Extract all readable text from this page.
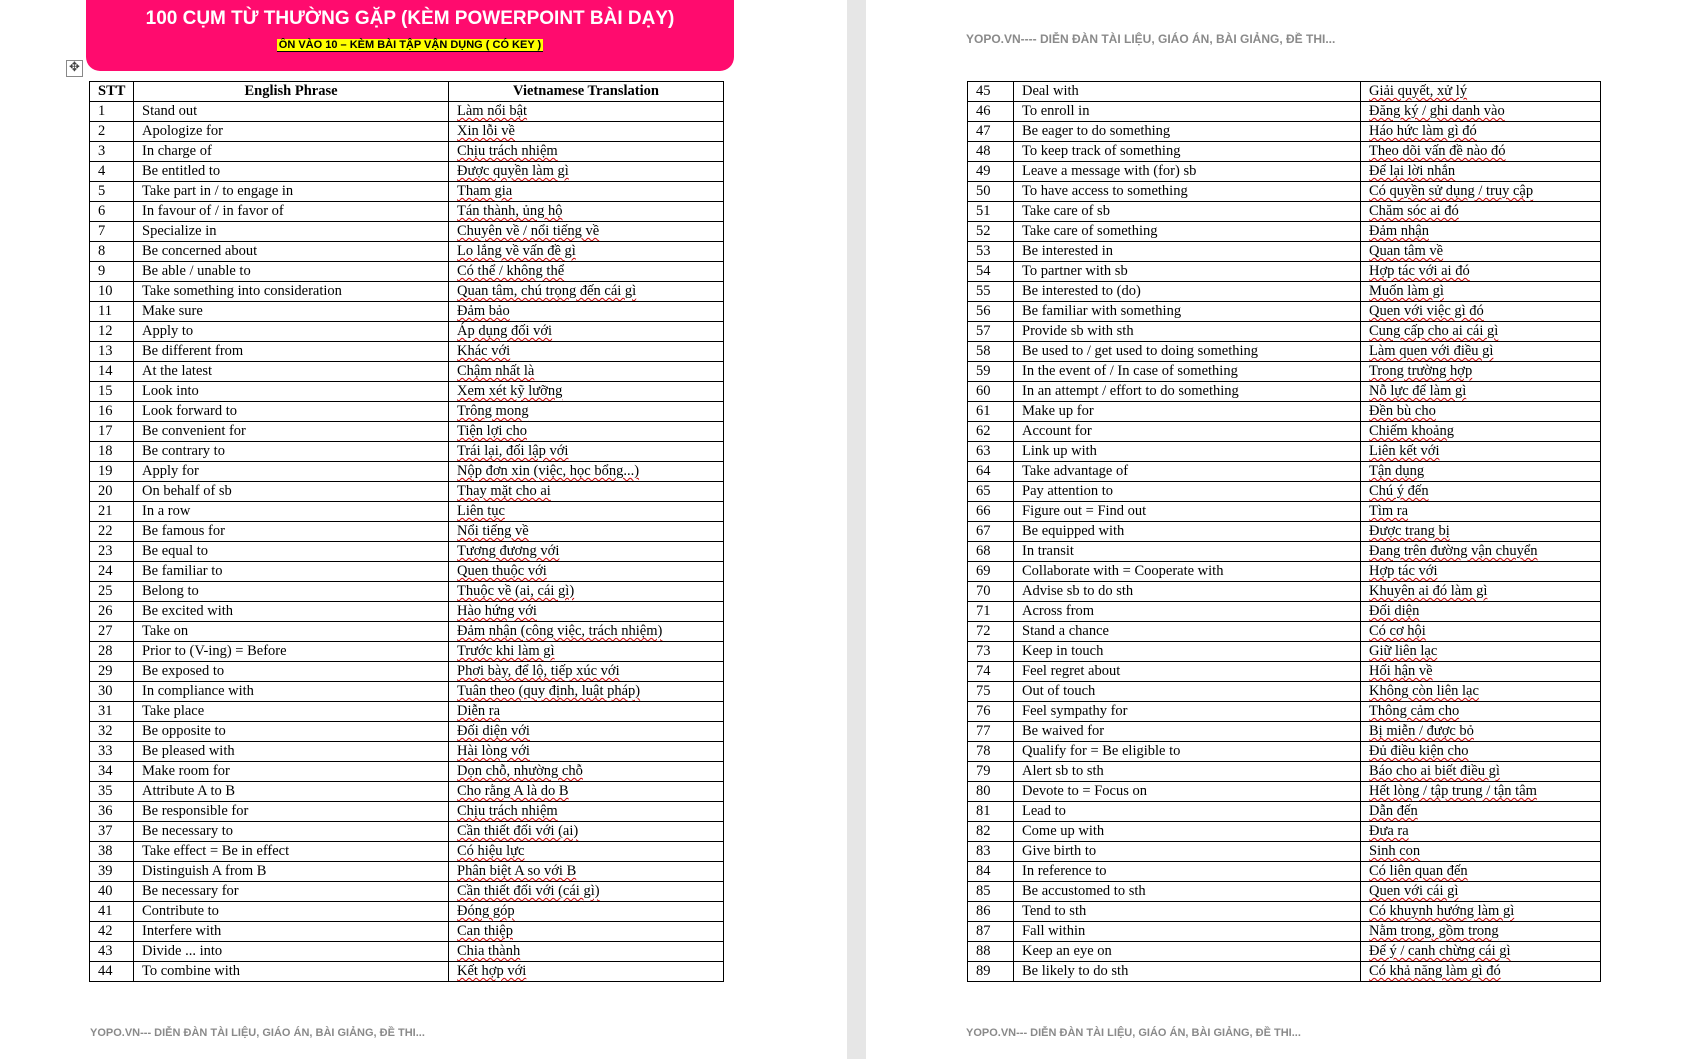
100 CỤM TỪ THƯỜNG GẶP (KÈM POWERPOINT BÀI DẠY)
ÔN VÀO 10 – KÈM BÀI TẬP VẬN DỤNG ( CÓ KEY )
✥
STT	English Phrase	Vietnamese Translation
1	Stand out	Làm nổi bật
2	Apologize for	Xin lỗi về
3	In charge of	Chịu trách nhiệm
4	Be entitled to	Được quyền làm gì
5	Take part in / to engage in	Tham gia
6	In favour of / in favor of	Tán thành, ủng hộ
7	Specialize in	Chuyên về / nổi tiếng về
8	Be concerned about	Lo lắng về vấn đề gì
9	Be able / unable to	Có thể / không thể
10	Take something into consideration	Quan tâm, chú trọng đến cái gì
11	Make sure	Đảm bảo
12	Apply to	Áp dụng đối với
13	Be different from	Khác với
14	At the latest	Chậm nhất là
15	Look into	Xem xét kỹ lưỡng
16	Look forward to	Trông mong
17	Be convenient for	Tiện lợi cho
18	Be contrary to	Trái lại, đối lập với
19	Apply for	Nộp đơn xin (việc, học bổng...)
20	On behalf of sb	Thay mặt cho ai
21	In a row	Liên tục
22	Be famous for	Nổi tiếng về
23	Be equal to	Tương đương với
24	Be familiar to	Quen thuộc với
25	Belong to	Thuộc về (ai, cái gì)
26	Be excited with	Hào hứng với
27	Take on	Đảm nhận (công việc, trách nhiệm)
28	Prior to (V-ing) = Before	Trước khi làm gì
29	Be exposed to	Phơi bày, để lộ, tiếp xúc với
30	In compliance with	Tuân theo (quy định, luật pháp)
31	Take place	Diễn ra
32	Be opposite to	Đối diện với
33	Be pleased with	Hài lòng với
34	Make room for	Dọn chỗ, nhường chỗ
35	Attribute A to B	Cho rằng A là do B
36	Be responsible for	Chịu trách nhiệm
37	Be necessary to	Cần thiết đối với (ai)
38	Take effect = Be in effect	Có hiệu lực
39	Distinguish A from B	Phân biệt A so với B
40	Be necessary for	Cần thiết đối với (cái gì)
41	Contribute to	Đóng góp
42	Interfere with	Can thiệp
43	Divide ... into	Chia thành
44	To combine with	Kết hợp với
YOPO.VN--- DIỄN ĐÀN TÀI LIỆU, GIÁO ÁN, BÀI GIẢNG, ĐỀ THI...
YOPO.VN---- DIỄN ĐÀN TÀI LIỆU, GIÁO ÁN, BÀI GIẢNG, ĐỀ THI...
45	Deal with	Giải quyết, xử lý
46	To enroll in	Đăng ký / ghi danh vào
47	Be eager to do something	Háo hức làm gì đó
48	To keep track of something	Theo dõi vấn đề nào đó
49	Leave a message with (for) sb	Để lại lời nhắn
50	To have access to something	Có quyền sử dụng / truy cập
51	Take care of sb	Chăm sóc ai đó
52	Take care of something	Đảm nhận
53	Be interested in	Quan tâm về
54	To partner with sb	Hợp tác với ai đó
55	Be interested to (do)	Muốn làm gì
56	Be familiar with something	Quen với việc gì đó
57	Provide sb with sth	Cung cấp cho ai cái gì
58	Be used to / get used to doing something	Làm quen với điều gì
59	In the event of / In case of something	Trong trường hợp
60	In an attempt / effort to do something	Nỗ lực để làm gì
61	Make up for	Đền bù cho
62	Account for	Chiếm khoảng
63	Link up with	Liên kết với
64	Take advantage of	Tận dụng
65	Pay attention to	Chú ý đến
66	Figure out = Find out	Tìm ra
67	Be equipped with	Được trang bị
68	In transit	Đang trên đường vận chuyển
69	Collaborate with = Cooperate with	Hợp tác với
70	Advise sb to do sth	Khuyên ai đó làm gì
71	Across from	Đối diện
72	Stand a chance	Có cơ hội
73	Keep in touch	Giữ liên lạc
74	Feel regret about	Hối hận về
75	Out of touch	Không còn liên lạc
76	Feel sympathy for	Thông cảm cho
77	Be waived for	Bị miễn / được bỏ
78	Qualify for = Be eligible to	Đủ điều kiện cho
79	Alert sb to sth	Báo cho ai biết điều gì
80	Devote to = Focus on	Hết lòng / tập trung / tận tâm
81	Lead to	Dẫn đến
82	Come up with	Đưa ra
83	Give birth to	Sinh con
84	In reference to	Có liên quan đến
85	Be accustomed to sth	Quen với cái gì
86	Tend to sth	Có khuynh hướng làm gì
87	Fall within	Nằm trong, gồm trong
88	Keep an eye on	Để ý / canh chừng cái gì
89	Be likely to do sth	Có khả năng làm gì đó
YOPO.VN--- DIỄN ĐÀN TÀI LIỆU, GIÁO ÁN, BÀI GIẢNG, ĐỀ THI...
